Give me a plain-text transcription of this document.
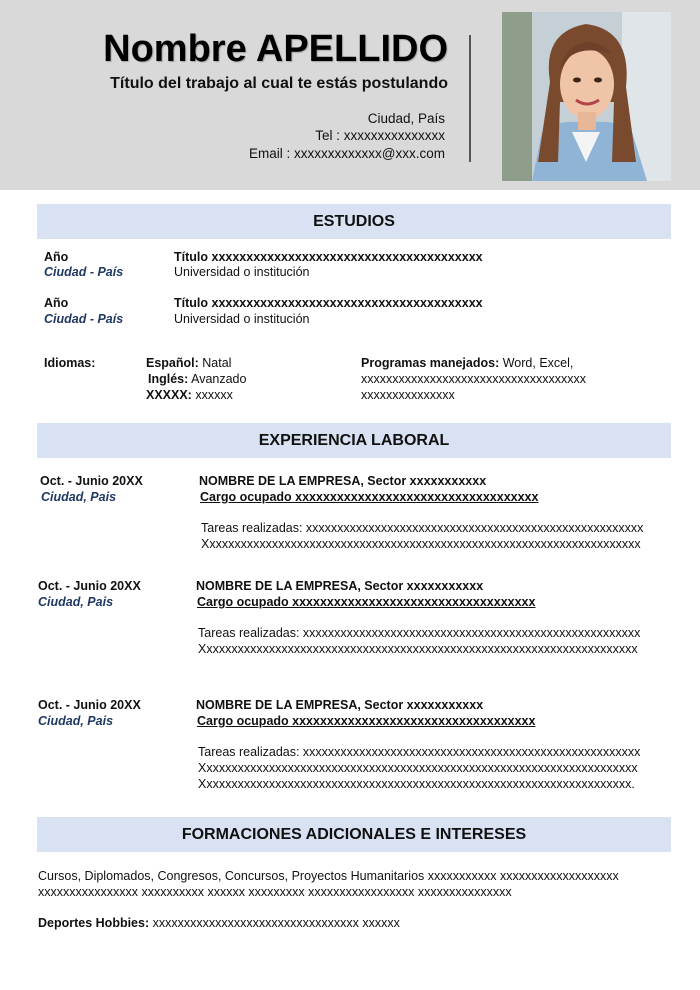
Nombre APELLIDO
Título del trabajo al cual te estás postulando
Ciudad, País
Tel : xxxxxxxxxxxxxxx
Email : xxxxxxxxxxxxx@xxx.com
ESTUDIOS
Año
Ciudad - País
Título xxxxxxxxxxxxxxxxxxxxxxxxxxxxxxxxxxxxxxx
Universidad o institución
Año
Ciudad - País
Título xxxxxxxxxxxxxxxxxxxxxxxxxxxxxxxxxxxxxxx
Universidad o institución
Idiomas:	Español: Natal
Inglés: Avanzado
XXXXX: xxxxxx
Programas manejados: Word, Excel,
xxxxxxxxxxxxxxxxxxxxxxxxxxxxxxxxxxxx
xxxxxxxxxxxxxxx
EXPERIENCIA LABORAL
Oct. - Junio 20XX
Ciudad, Pais
NOMBRE DE LA EMPRESA, Sector xxxxxxxxxxx
Cargo ocupado xxxxxxxxxxxxxxxxxxxxxxxxxxxxxxxxxxx
Tareas realizadas: xxxxxxxxxxxxxxxxxxxxxxxxxxxxxxxxxxxxxxxxxxxxxxxxxxxxxx
Xxxxxxxxxxxxxxxxxxxxxxxxxxxxxxxxxxxxxxxxxxxxxxxxxxxxxxxxxxxxxxxxxxxxxx
Oct. - Junio 20XX
Ciudad, Pais
NOMBRE DE LA EMPRESA, Sector xxxxxxxxxxx
Cargo ocupado xxxxxxxxxxxxxxxxxxxxxxxxxxxxxxxxxxx
Tareas realizadas: xxxxxxxxxxxxxxxxxxxxxxxxxxxxxxxxxxxxxxxxxxxxxxxxxxxxxx
Xxxxxxxxxxxxxxxxxxxxxxxxxxxxxxxxxxxxxxxxxxxxxxxxxxxxxxxxxxxxxxxxxxxxxx
Oct. - Junio 20XX
Ciudad, Pais
NOMBRE DE LA EMPRESA, Sector xxxxxxxxxxx
Cargo ocupado xxxxxxxxxxxxxxxxxxxxxxxxxxxxxxxxxxx
Tareas realizadas: xxxxxxxxxxxxxxxxxxxxxxxxxxxxxxxxxxxxxxxxxxxxxxxxxxxxxx
Xxxxxxxxxxxxxxxxxxxxxxxxxxxxxxxxxxxxxxxxxxxxxxxxxxxxxxxxxxxxxxxxxxxxxx
Xxxxxxxxxxxxxxxxxxxxxxxxxxxxxxxxxxxxxxxxxxxxxxxxxxxxxxxxxxxxxxxxxxxxx.
FORMACIONES ADICIONALES E INTERESES
Cursos, Diplomados, Congresos, Concursos, Proyectos Humanitarios xxxxxxxxxxx xxxxxxxxxxxxxxxxxxx
xxxxxxxxxxxxxxxx xxxxxxxxxx xxxxxx xxxxxxxxx xxxxxxxxxxxxxxxxx xxxxxxxxxxxxxxx
Deportes Hobbies: xxxxxxxxxxxxxxxxxxxxxxxxxxxxxxxxx xxxxxx
